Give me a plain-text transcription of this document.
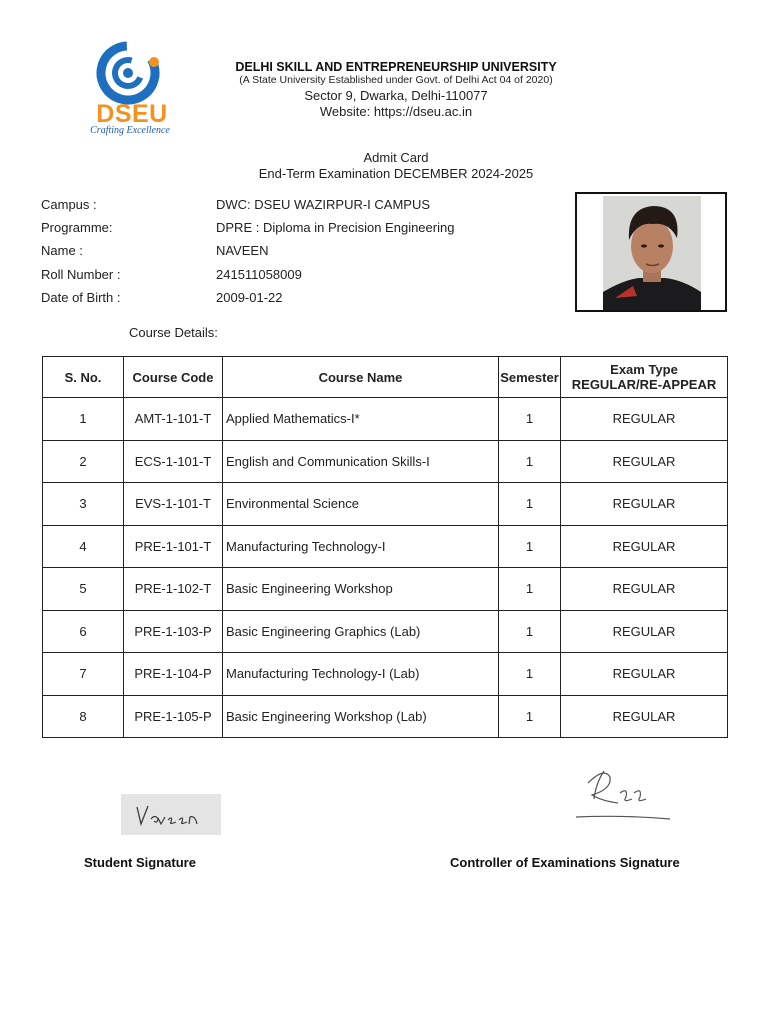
DSEU
Crafting Excellence
DELHI SKILL AND ENTREPRENEURSHIP UNIVERSITY
(A State University Established under Govt. of Delhi Act 04 of 2020)
Sector 9, Dwarka, Delhi-110077
Website: https://dseu.ac.in
Admit Card
End-Term Examination DECEMBER 2024-2025
Campus :	DWC: DSEU WAZIRPUR-I CAMPUS
Programme:	DPRE : Diploma in Precision Engineering
Name :	NAVEEN
Roll Number :	241511058009
Date of Birth :	2009-01-22
Course Details:
S. No.	Course Code	Course Name	Semester	Exam Type
REGULAR/RE-APPEAR
1	AMT-1-101-T	Applied Mathematics-I*	1	REGULAR
2	ECS-1-101-T	English and Communication Skills-I	1	REGULAR
3	EVS-1-101-T	Environmental Science	1	REGULAR
4	PRE-1-101-T	Manufacturing Technology-I	1	REGULAR
5	PRE-1-102-T	Basic Engineering Workshop	1	REGULAR
6	PRE-1-103-P	Basic Engineering Graphics (Lab)	1	REGULAR
7	PRE-1-104-P	Manufacturing Technology-I (Lab)	1	REGULAR
8	PRE-1-105-P	Basic Engineering Workshop (Lab)	1	REGULAR
Student Signature	Controller of Examinations Signature
